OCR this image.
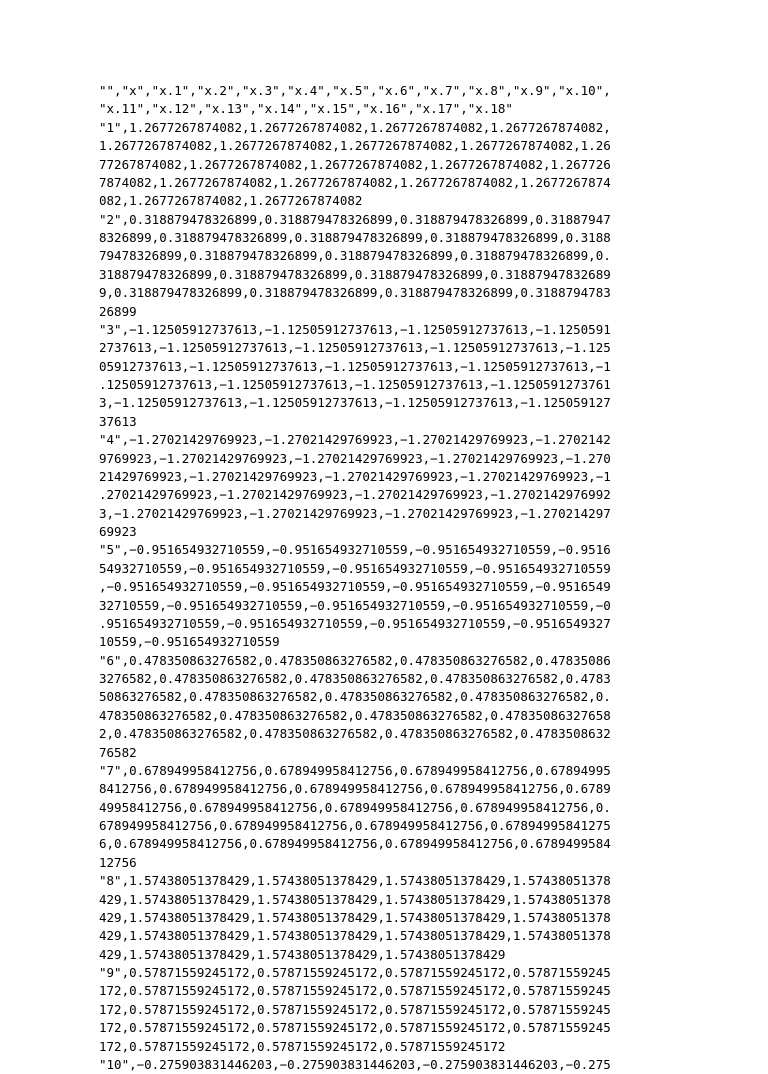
"","x","x.1","x.2","x.3","x.4","x.5","x.6","x.7","x.8","x.9","x.10",
"x.11","x.12","x.13","x.14","x.15","x.16","x.17","x.18"
"1",1.2677267874082,1.2677267874082,1.2677267874082,1.2677267874082,
1.2677267874082,1.2677267874082,1.2677267874082,1.2677267874082,1.26
77267874082,1.2677267874082,1.2677267874082,1.2677267874082,1.267726
7874082,1.2677267874082,1.2677267874082,1.2677267874082,1.2677267874
082,1.2677267874082,1.2677267874082
"2",0.318879478326899,0.318879478326899,0.318879478326899,0.31887947
8326899,0.318879478326899,0.318879478326899,0.318879478326899,0.3188
79478326899,0.318879478326899,0.318879478326899,0.318879478326899,0.
318879478326899,0.318879478326899,0.318879478326899,0.31887947832689
9,0.318879478326899,0.318879478326899,0.318879478326899,0.3188794783
26899
"3",−1.12505912737613,−1.12505912737613,−1.12505912737613,−1.1250591
2737613,−1.12505912737613,−1.12505912737613,−1.12505912737613,−1.125
05912737613,−1.12505912737613,−1.12505912737613,−1.12505912737613,−1
.12505912737613,−1.12505912737613,−1.12505912737613,−1.1250591273761
3,−1.12505912737613,−1.12505912737613,−1.12505912737613,−1.125059127
37613
"4",−1.27021429769923,−1.27021429769923,−1.27021429769923,−1.2702142
9769923,−1.27021429769923,−1.27021429769923,−1.27021429769923,−1.270
21429769923,−1.27021429769923,−1.27021429769923,−1.27021429769923,−1
.27021429769923,−1.27021429769923,−1.27021429769923,−1.2702142976992
3,−1.27021429769923,−1.27021429769923,−1.27021429769923,−1.270214297
69923
"5",−0.951654932710559,−0.951654932710559,−0.951654932710559,−0.9516
54932710559,−0.951654932710559,−0.951654932710559,−0.951654932710559
,−0.951654932710559,−0.951654932710559,−0.951654932710559,−0.9516549
32710559,−0.951654932710559,−0.951654932710559,−0.951654932710559,−0
.951654932710559,−0.951654932710559,−0.951654932710559,−0.9516549327
10559,−0.951654932710559
"6",0.478350863276582,0.478350863276582,0.478350863276582,0.47835086
3276582,0.478350863276582,0.478350863276582,0.478350863276582,0.4783
50863276582,0.478350863276582,0.478350863276582,0.478350863276582,0.
478350863276582,0.478350863276582,0.478350863276582,0.47835086327658
2,0.478350863276582,0.478350863276582,0.478350863276582,0.4783508632
76582
"7",0.678949958412756,0.678949958412756,0.678949958412756,0.67894995
8412756,0.678949958412756,0.678949958412756,0.678949958412756,0.6789
49958412756,0.678949958412756,0.678949958412756,0.678949958412756,0.
678949958412756,0.678949958412756,0.678949958412756,0.67894995841275
6,0.678949958412756,0.678949958412756,0.678949958412756,0.6789499584
12756
"8",1.57438051378429,1.57438051378429,1.57438051378429,1.57438051378
429,1.57438051378429,1.57438051378429,1.57438051378429,1.57438051378
429,1.57438051378429,1.57438051378429,1.57438051378429,1.57438051378
429,1.57438051378429,1.57438051378429,1.57438051378429,1.57438051378
429,1.57438051378429,1.57438051378429,1.57438051378429
"9",0.57871559245172,0.57871559245172,0.57871559245172,0.57871559245
172,0.57871559245172,0.57871559245172,0.57871559245172,0.57871559245
172,0.57871559245172,0.57871559245172,0.57871559245172,0.57871559245
172,0.57871559245172,0.57871559245172,0.57871559245172,0.57871559245
172,0.57871559245172,0.57871559245172,0.57871559245172
"10",−0.275903831446203,−0.275903831446203,−0.275903831446203,−0.275
